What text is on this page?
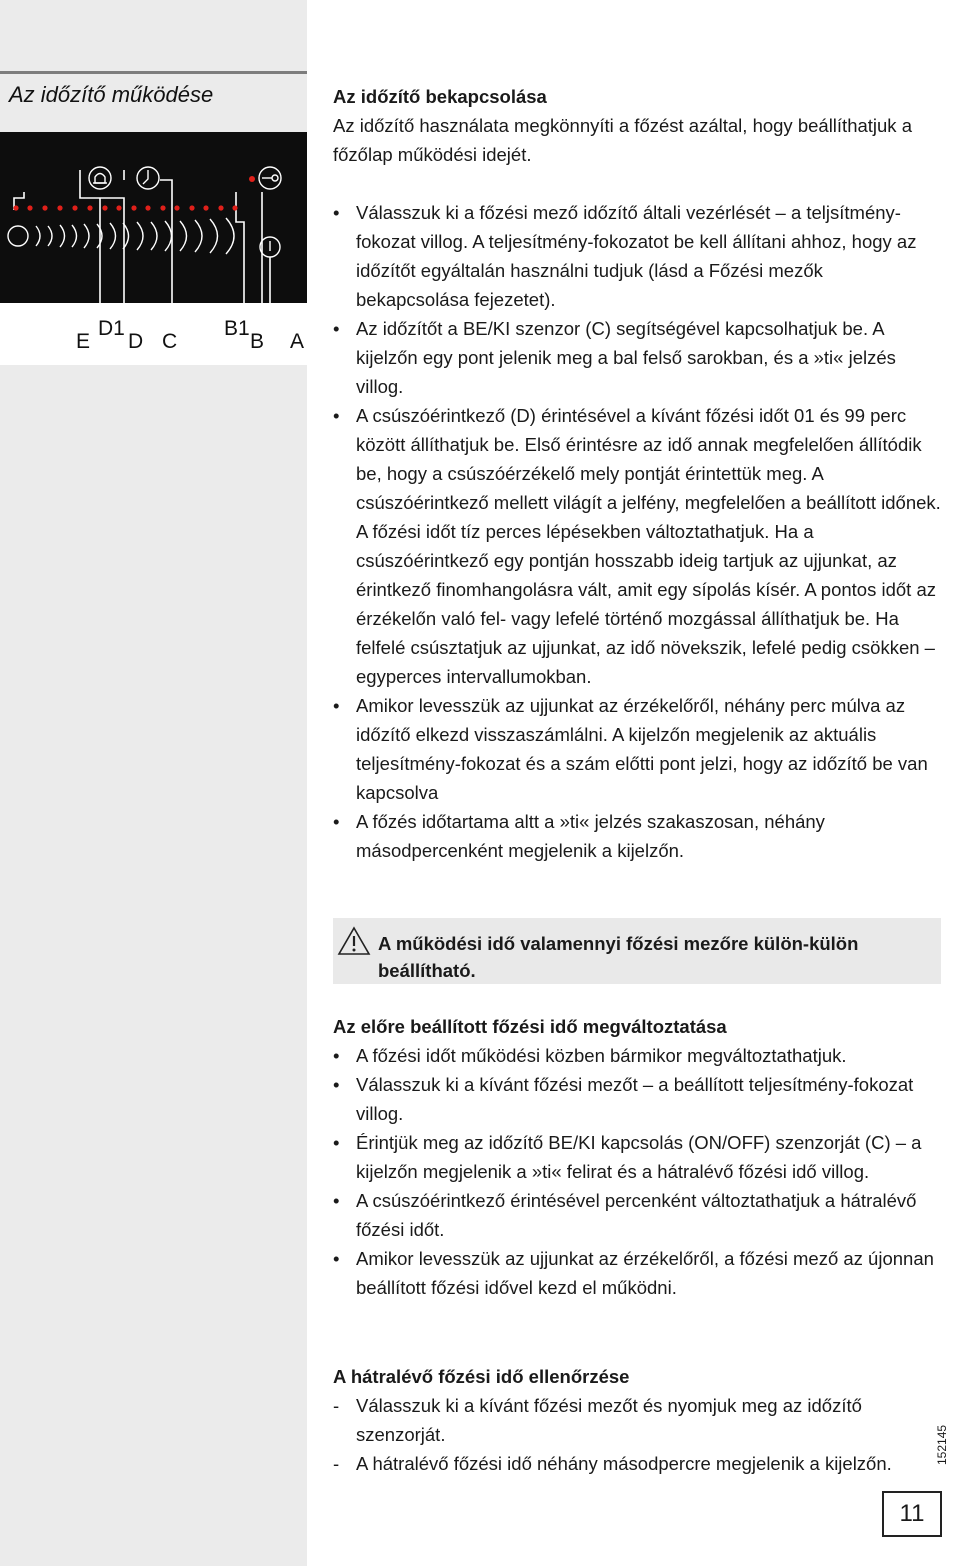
Az időzítő működése
E
D1
D C
B1
B A
Az időzítő bekapcsolása

Az időzítő használata megkönnyíti a főzést azáltal, hogy beállíthatjuk a főzőlap működési idejét.

• Válasszuk ki a főzési mező időzítő általi vezérlését – a teljsítmény-fokozat villog. A teljesítmény-fokozatot be kell állítani ahhoz, hogy az időzítőt egyáltalán használni tudjuk (lásd a Főzési mezők bekapcsolása fejezetet).
• Az időzítőt a BE/KI szenzor (C) segítségével kapcsolhatjuk be. A kijelzőn egy pont jelenik meg a bal felső sarokban, és a »ti« jelzés villog.
• A csúszóérintkező (D) érintésével a kívánt főzési időt 01 és 99 perc között állíthatjuk be. Első érintésre az idő annak megfelelően állítódik be, hogy a csúszóérzékelő mely pontját érintettük meg. A csúszóérintkező mellett világít a jelfény, megfelelően a beállított időnek. A főzési időt tíz perces lépésekben változtathatjuk. Ha a csúszóérintkező egy pontján hosszabb ideig tartjuk az ujjunkat, az érintkező finomhangolásra vált, amit egy sípolás kísér. A pontos időt az érzékelőn való fel- vagy lefelé történő mozgással állíthatjuk be. Ha felfelé csúsztatjuk az ujjunkat, az idő növekszik, lefelé pedig csökken – egyperces intervallumokban.
• Amikor levesszük az ujjunkat az érzékelőről, néhány perc múlva az időzítő elkezd visszaszámlálni. A kijelzőn megjelenik az aktuális teljesítmény-fokozat és a szám előtti pont jelzi, hogy az időzítő be van kapcsolva
• A főzés időtartama altt a »ti« jelzés szakaszosan, néhány másodpercenként megjelenik a kijelzőn.
A működési idő valamennyi főzési mezőre külön-külön beállítható.
Az előre beállított főzési idő megváltoztatása
• A főzési időt működési közben bármikor megváltoztathatjuk.
• Válasszuk ki a kívánt főzési mezőt – a beállított teljesítmény-fokozat villog.
• Érintjük meg az időzítő BE/KI kapcsolás (ON/OFF) szenzorját (C) – a kijelzőn megjelenik a »ti« felirat és a hátralévő főzési idő villog.
• A csúszóérintkező érintésével percenként változtathatjuk a hátralévő főzési időt.
• Amikor levesszük az ujjunkat az érzékelőről, a főzési mező az újonnan beállított főzési idővel kezd el működni.
A hátralévő főzési idő ellenőrzése
- Válasszuk ki a kívánt főzési mezőt és nyomjuk meg az időzítő szenzorját.
- A hátralévő főzési idő néhány másodpercre megjelenik a kijelzőn.	152145
11
